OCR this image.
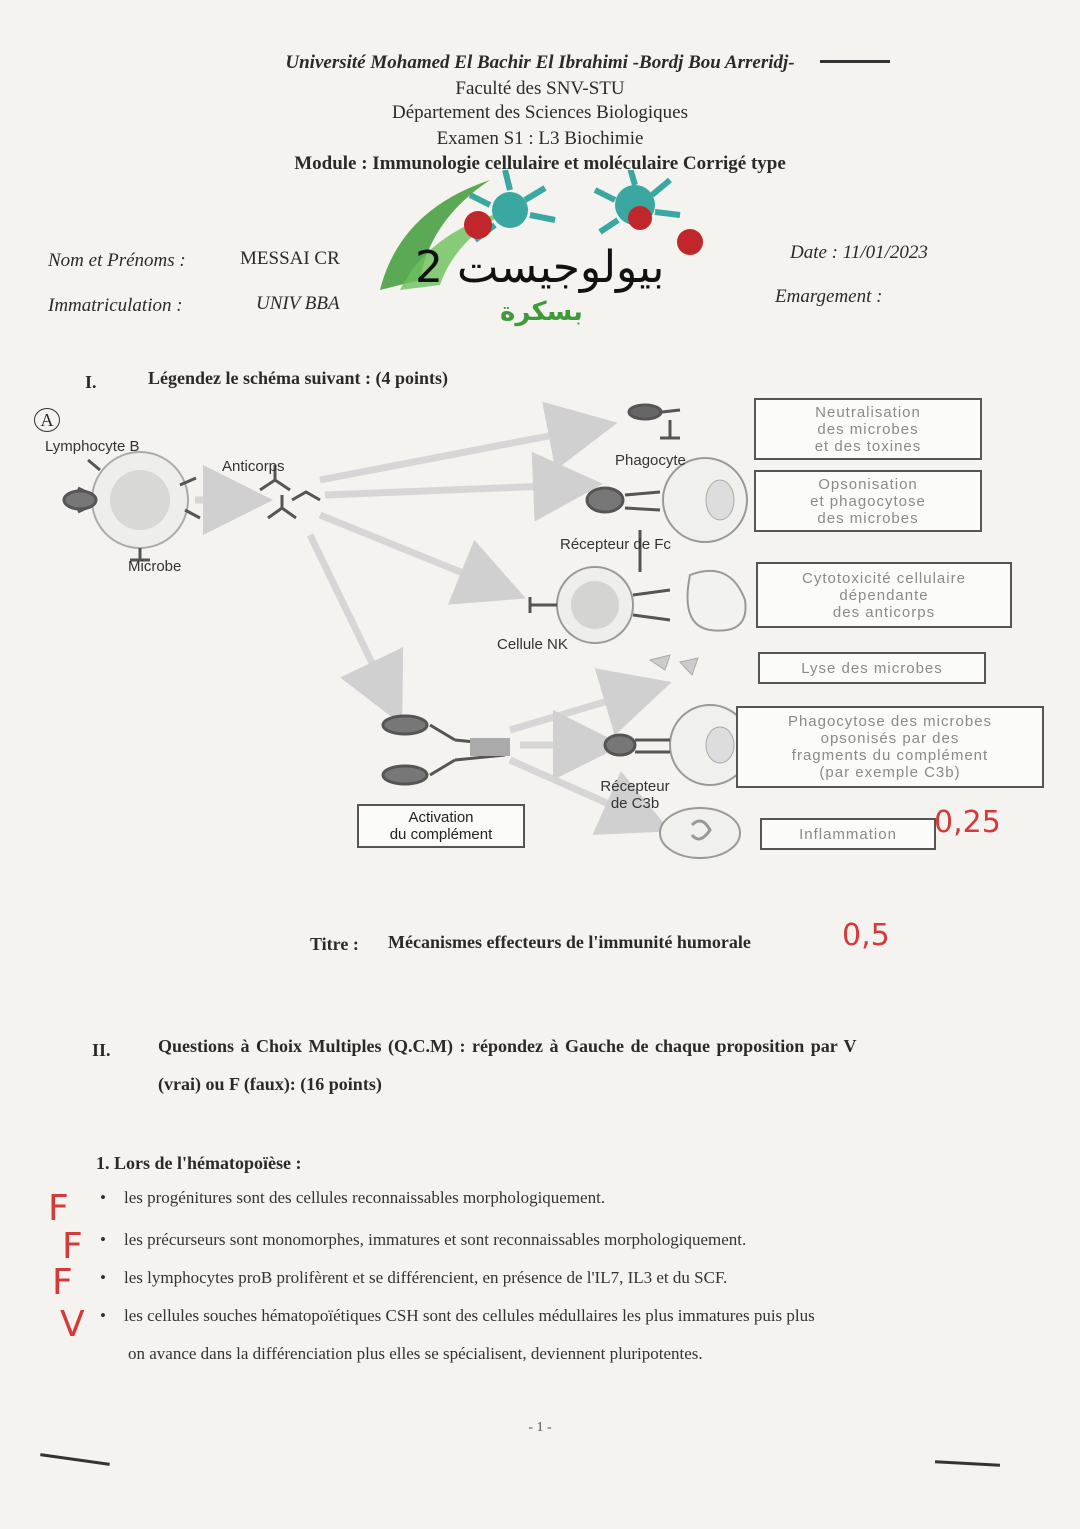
Université Mohamed El Bachir El Ibrahimi -Bordj Bou Arreridj-
Faculté des SNV-STU
Département des Sciences Biologiques
Examen S1 : L3 Biochimie
Module : Immunologie cellulaire et moléculaire Corrigé type
بيولوجيست 2
بسكرة
Nom et Prénoms :	MESSAI CR	Date : 11/01/2023
Immatriculation :	UNIV BBA	Emargement :
I.	Légendez le schéma suivant : (4 points)
A
Lymphocyte B
Anticorps
Microbe
Phagocyte
Récepteur de Fc
Cellule NK
Récepteur
de C3b
Activation
du complément
Neutralisation
des microbes
et des toxines
Opsonisation
et phagocytose
des microbes
Cytotoxicité cellulaire
dépendante
des anticorps
Lyse des microbes
Phagocytose des microbes
opsonisés par des
fragments du complément
(par exemple C3b)
Inflammation 0,25
Titre : Mécanismes effecteurs de l'immunité humorale	0,5
II.	Questions à Choix Multiples (Q.C.M) : répondez à Gauche de chaque proposition par V
(vrai) ou F (faux): (16 points)
1. Lors de l'hématopoïèse :
F • les progénitures sont des cellules reconnaissables morphologiquement.
F • les précurseurs sont monomorphes, immatures et sont reconnaissables morphologiquement.
F • les lymphocytes proB prolifèrent et se différencient, en présence de l'IL7, IL3 et du SCF.
V • les cellules souches hématopoïétiques CSH sont des cellules médullaires les plus immatures puis plus
on avance dans la différenciation plus elles se spécialisent, deviennent pluripotentes.
- 1 -
